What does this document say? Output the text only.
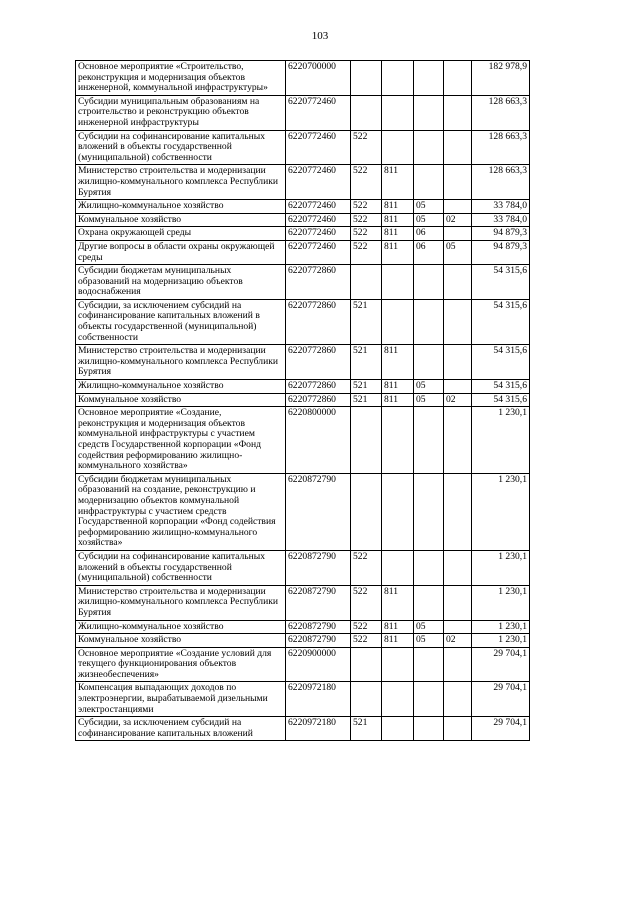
103
Основное мероприятие «Строительство, реконструкция и модернизация объектов инженерной, коммунальной инфраструктуры»	6220700000					182 978,9
Субсидии муниципальным образованиям на строительство и реконструкцию объектов инженерной инфраструктуры	6220772460					128 663,3
Субсидии на софинансирование капитальных вложений в объекты государственной (муниципальной) собственности	6220772460	522				128 663,3
Министерство строительства и модернизации жилищно-коммунального комплекса Республики Бурятия	6220772460	522	811			128 663,3
Жилищно-коммунальное хозяйство	6220772460	522	811	05		33 784,0
Коммунальное хозяйство	6220772460	522	811	05	02	33 784,0
Охрана окружающей среды	6220772460	522	811	06		94 879,3
Другие вопросы в области охраны окружающей среды	6220772460	522	811	06	05	94 879,3
Субсидии бюджетам муниципальных образований на модернизацию объектов водоснабжения	6220772860					54 315,6
Субсидии, за исключением субсидий на софинансирование капитальных вложений в объекты государственной (муниципальной) собственности	6220772860	521				54 315,6
Министерство строительства и модернизации жилищно-коммунального комплекса Республики Бурятия	6220772860	521	811			54 315,6
Жилищно-коммунальное хозяйство	6220772860	521	811	05		54 315,6
Коммунальное хозяйство	6220772860	521	811	05	02	54 315,6
Основное мероприятие «Создание, реконструкция и модернизация объектов коммунальной инфраструктуры с участием средств Государственной корпорации «Фонд содействия реформированию жилищно-коммунального хозяйства»	6220800000					1 230,1
Субсидии бюджетам муниципальных образований на создание, реконструкцию и модернизацию объектов коммунальной инфраструктуры с участием средств Государственной корпорации «Фонд содействия реформированию жилищно-коммунального хозяйства»	6220872790					1 230,1
Субсидии на софинансирование капитальных вложений в объекты государственной (муниципальной) собственности	6220872790	522				1 230,1
Министерство строительства и модернизации жилищно-коммунального комплекса Республики Бурятия	6220872790	522	811			1 230,1
Жилищно-коммунальное хозяйство	6220872790	522	811	05		1 230,1
Коммунальное хозяйство	6220872790	522	811	05	02	1 230,1
Основное мероприятие «Создание условий для текущего функционирования объектов жизнеобеспечения»	6220900000					29 704,1
Компенсация выпадающих доходов по электроэнергии, вырабатываемой дизельными электростанциями	6220972180					29 704,1
Субсидии, за исключением субсидий на софинансирование капитальных вложений	6220972180	521				29 704,1
